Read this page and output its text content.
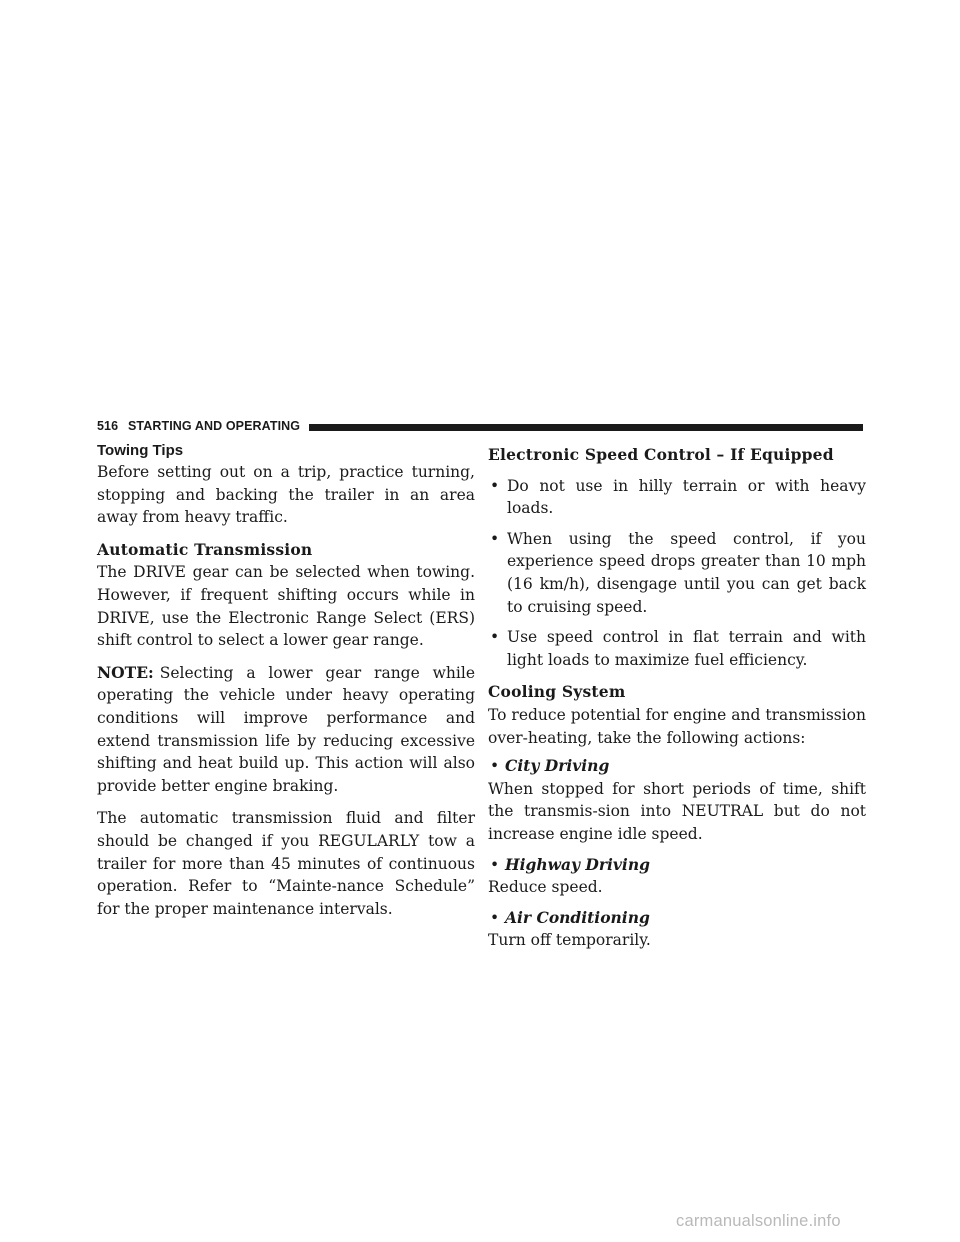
516 STARTING AND OPERATING
Towing Tips

Before setting out on a trip, practice turning, stopping and backing the trailer in an area away from heavy traffic.

Automatic Transmission

The DRIVE gear can be selected when towing. However, if frequent shifting occurs while in DRIVE, use the Electronic Range Select (ERS) shift control to select a lower gear range.

NOTE: Selecting a lower gear range while operating the vehicle under heavy operating conditions will improve performance and extend transmission life by reducing excessive shifting and heat build up. This action will also provide better engine braking.

The automatic transmission fluid and filter should be changed if you REGULARLY tow a trailer for more than 45 minutes of continuous operation. Refer to “Mainte-nance Schedule” for the proper maintenance intervals.

Electronic Speed Control – If Equipped

• Do not use in hilly terrain or with heavy loads.

• When using the speed control, if you experience speed drops greater than 10 mph (16 km/h), disengage until you can get back to cruising speed.

• Use speed control in flat terrain and with light loads to maximize fuel efficiency.

Cooling System

To reduce potential for engine and transmission over-heating, take the following actions:

• City Driving

When stopped for short periods of time, shift the transmis-sion into NEUTRAL but do not increase engine idle speed.

• Highway Driving

Reduce speed.

• Air Conditioning

Turn off temporarily.

carmanualsonline.info
